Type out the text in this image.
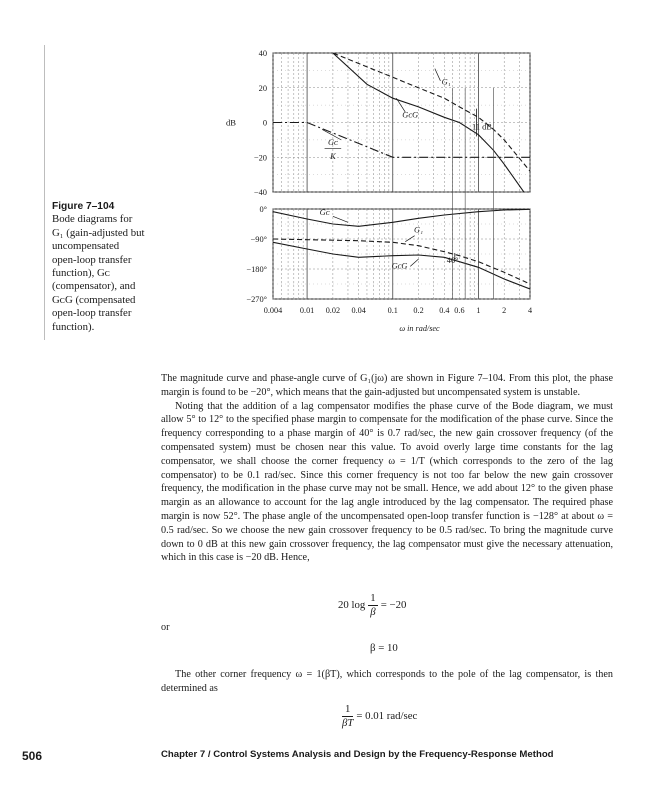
Figure 7–104
Bode diagrams for
G₁ (gain-adjusted but
uncompensated
open-loop transfer
function), Gᴄ
(compensator), and
GᴄG (compensated
open-loop transfer
function).
40
20
0
−20
−40
0°
−90°
−180°
−270°
dB
0.004 0.01 0.02 0.04	0.1 0.2 0.4 0.6 1	2	4
ω in rad/sec
G₁
GᴄG
Gᴄ
K
11 dB
Gᴄ
G₁
GᴄG
40°

The magnitude curve and phase-angle curve of G₁(jω) are shown in Figure 7–104. From this plot, the phase margin is found to be −20°, which means that the gain-adjusted but uncompensated system is unstable.

Noting that the addition of a lag compensator modifies the phase curve of the Bode diagram, we must allow 5° to 12° to the specified phase margin to compensate for the modification of the phase curve. Since the frequency corresponding to a phase margin of 40° is 0.7 rad/sec, the new gain crossover frequency (of the compensated system) must be chosen near this value. To avoid overly large time constants for the lag compensator, we shall choose the corner frequency ω = 1/T (which corresponds to the zero of the lag compensator) to be 0.1 rad/sec. Since this corner frequency is not too far below the new gain crossover frequency, the modification in the phase curve may not be small. Hence, we add about 12° to the given phase margin as an allowance to account for the lag angle introduced by the lag compensator. The required phase margin is now 52°. The phase angle of the uncompensated open-loop transfer function is −128° at about ω = 0.5 rad/sec. So we choose the new gain crossover frequency to be 0.5 rad/sec. To bring the magnitude curve down to 0 dB at this new gain crossover frequency, the lag compensator must give the necessary attenuation, which in this case is −20 dB. Hence,

20 $\log \frac{1}{\beta} = -20$
or
β = 10
The other corner frequency ω = 1(βT), which corresponds to the pole of the lag compensator, is then determined as
$\frac{1}{\beta T} = 0.01$ rad/sec
506	Chapter 7 / Control Systems Analysis and Design by the Frequency-Response Method
